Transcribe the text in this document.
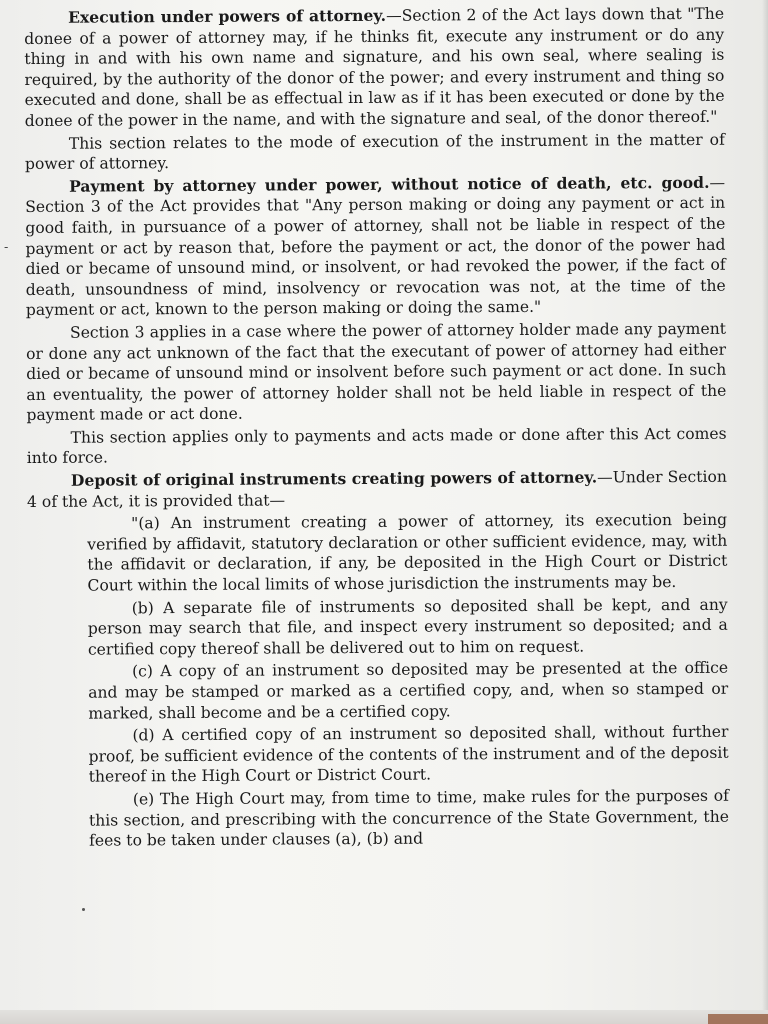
-

Execution under powers of attorney.—Section 2 of the Act lays down that "The donee of a power of attorney may, if he thinks fit, execute any instrument or do any thing in and with his own name and signature, and his own seal, where sealing is required, by the authority of the donor of the power; and every instrument and thing so executed and done, shall be as effectual in law as if it has been executed or done by the donee of the power in the name, and with the signature and seal, of the donor thereof."

This section relates to the mode of execution of the instrument in the matter of power of attorney.

Payment by attorney under power, without notice of death, etc. good.—Section 3 of the Act provides that "Any person making or doing any payment or act in good faith, in pursuance of a power of attorney, shall not be liable in respect of the payment or act by reason that, before the payment or act, the donor of the power had died or became of unsound mind, or insolvent, or had revoked the power, if the fact of death, unsoundness of mind, insolvency or revocation was not, at the time of the payment or act, known to the person making or doing the same."

Section 3 applies in a case where the power of attorney holder made any payment or done any act unknown of the fact that the executant of power of attorney had either died or became of unsound mind or insolvent before such payment or act done. In such an eventuality, the power of attorney holder shall not be held liable in respect of the payment made or act done.

This section applies only to payments and acts made or done after this Act comes into force.

Deposit of original instruments creating powers of attorney.—Under Section 4 of the Act, it is provided that—

"(a) An instrument creating a power of attorney, its execution being verified by affidavit, statutory declaration or other sufficient evidence, may, with the affidavit or declaration, if any, be deposited in the High Court or District Court within the local limits of whose jurisdiction the instruments may be.

(b) A separate file of instruments so deposited shall be kept, and any person may search that file, and inspect every instrument so deposited; and a certified copy thereof shall be delivered out to him on request.

(c) A copy of an instrument so deposited may be presented at the office and may be stamped or marked as a certified copy, and, when so stamped or marked, shall become and be a certified copy.

(d) A certified copy of an instrument so deposited shall, without further proof, be sufficient evidence of the contents of the instrument and of the deposit thereof in the High Court or District Court.

(e) The High Court may, from time to time, make rules for the purposes of this section, and prescribing with the concurrence of the State Government, the fees to be taken under clauses (a), (b) and
